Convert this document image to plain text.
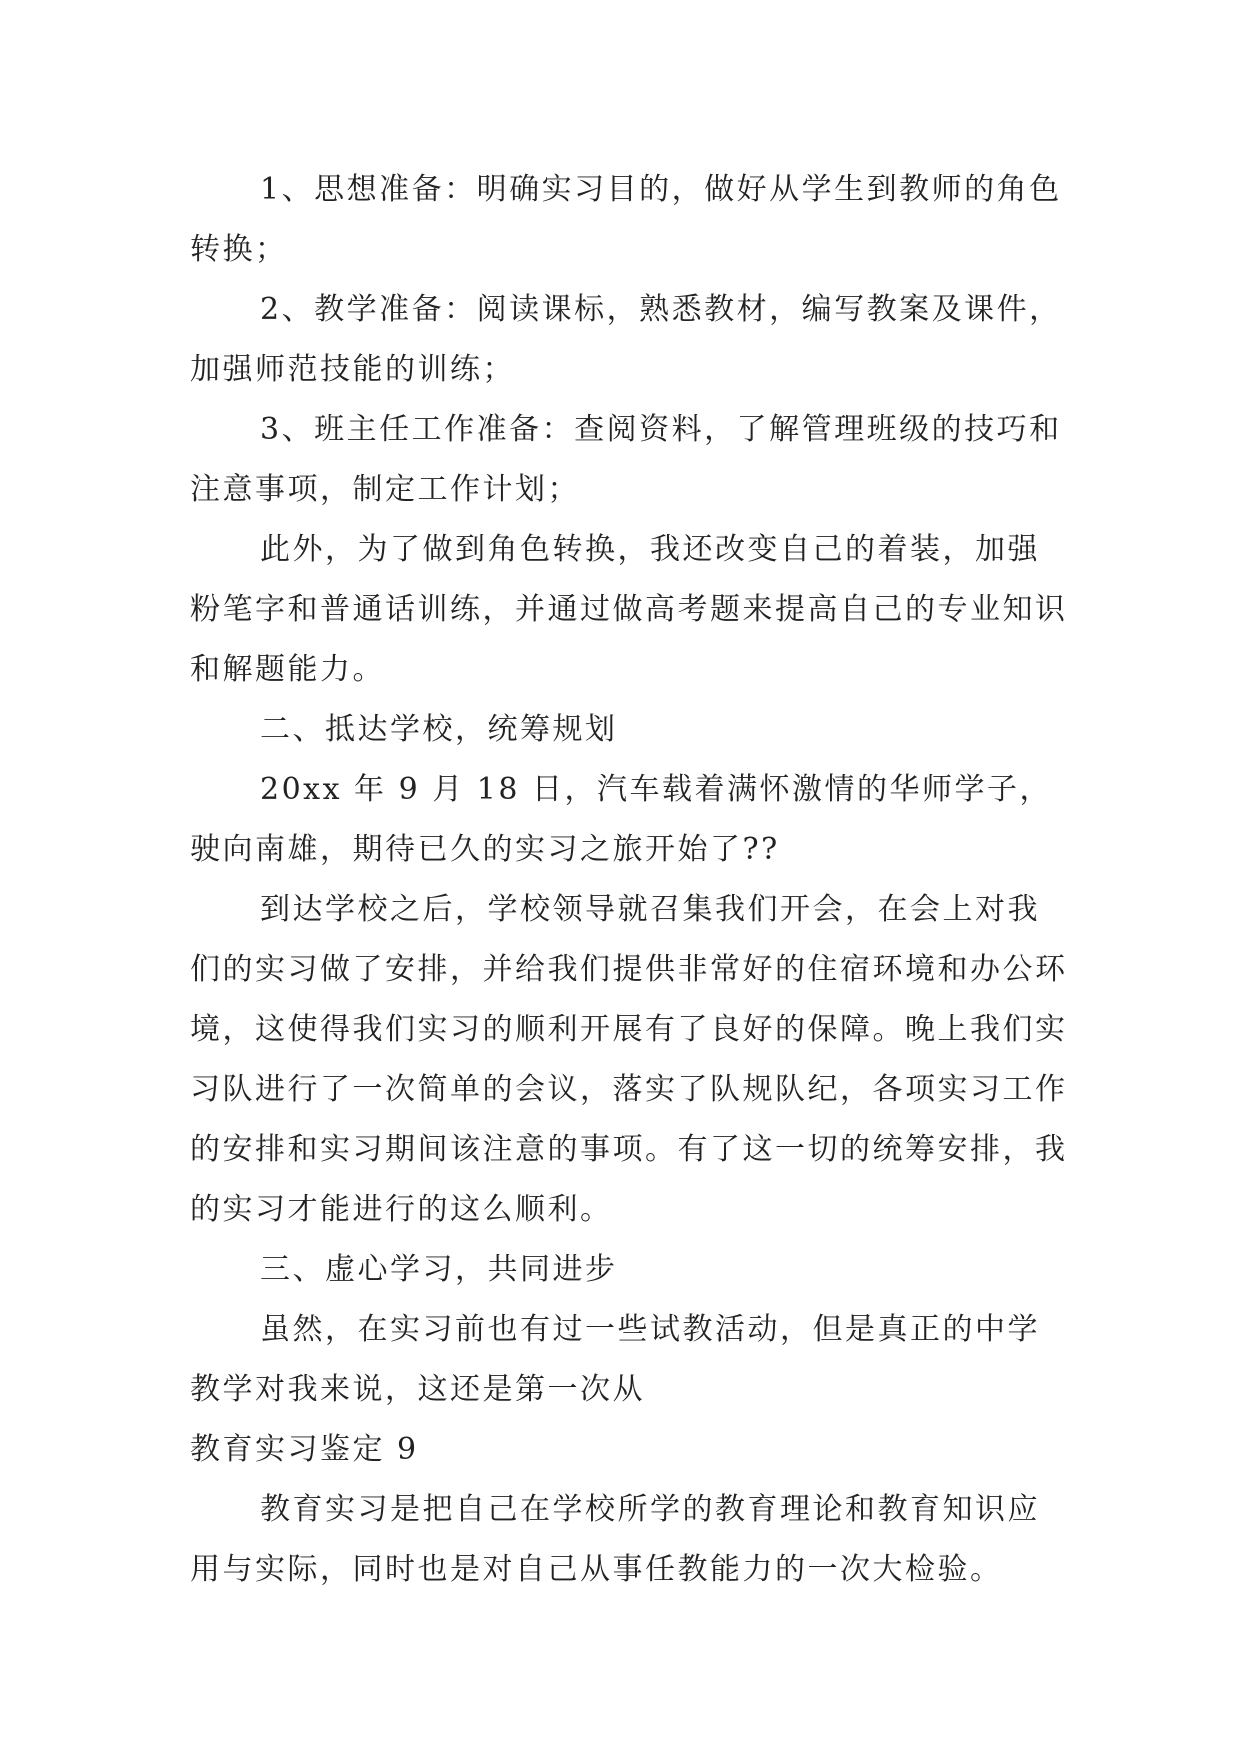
1、思想准备：明确实习目的，做好从学生到教师的角色转换；

2、教学准备：阅读课标，熟悉教材，编写教案及课件，加强师范技能的训练；

3、班主任工作准备：查阅资料，了解管理班级的技巧和注意事项，制定工作计划；

此外，为了做到角色转换，我还改变自己的着装，加强粉笔字和普通话训练，并通过做高考题来提高自己的专业知识和解题能力。

二、抵达学校，统筹规划

20xx 年 9 月 18 日，汽车载着满怀激情的华师学子，驶向南雄，期待已久的实习之旅开始了??

到达学校之后，学校领导就召集我们开会，在会上对我们的实习做了安排，并给我们提供非常好的住宿环境和办公环境，这使得我们实习的顺利开展有了良好的保障。晚上我们实习队进行了一次简单的会议，落实了队规队纪，各项实习工作的安排和实习期间该注意的事项。有了这一切的统筹安排，我的实习才能进行的这么顺利。

三、虚心学习，共同进步

虽然，在实习前也有过一些试教活动，但是真正的中学教学对我来说，这还是第一次从

教育实习鉴定 9

教育实习是把自己在学校所学的教育理论和教育知识应用与实际，同时也是对自己从事任教能力的一次大检验。
